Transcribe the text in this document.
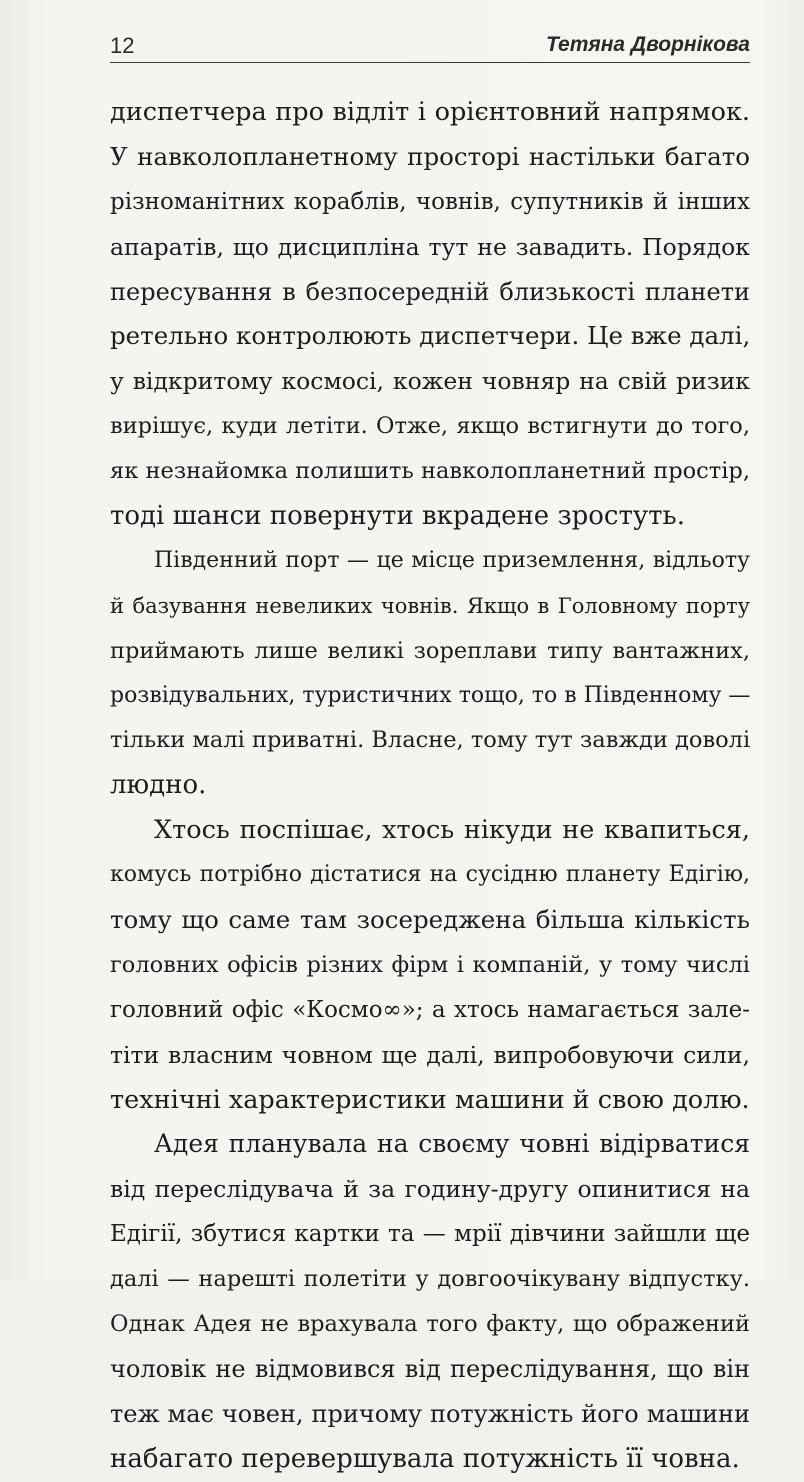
12	Тетяна Дворнікова
диспетчера про відліт і орієнтовний напрямок.
У навколопланетному просторі настільки багато
різноманітних кораблів, човнів, супутників й інших
апаратів, що дисципліна тут не завадить. Порядок
пересування в безпосередній близькості планети
ретельно контролюють диспетчери. Це вже далі,
у відкритому космосі, кожен човняр на свій ризик
вирішує, куди летіти. Отже, якщо встигнути до того,
як незнайомка полишить навколопланетний простір,
тоді шанси повернути вкрадене зростуть.
Південний порт — це місце приземлення, відльоту
й базування невеликих човнів. Якщо в Головному порту
приймають лише великі зореплави типу вантажних,
розвідувальних, туристичних тощо, то в Південному —
тільки малі приватні. Власне, тому тут завжди доволі
людно.
Хтось поспішає, хтось нікуди не квапиться,
комусь потрібно дістатися на сусідню планету Едігію,
тому що саме там зосереджена більша кількість
головних офісів різних фірм і компаній, у тому числі
головний офіс «Космо∞»; а хтось намагається зале-
тіти власним човном ще далі, випробовуючи сили,
технічні характеристики машини й свою долю.
Адея планувала на своєму човні відірватися
від переслідувача й за годину-другу опинитися на
Едігії, збутися картки та — мрії дівчини зайшли ще
далі — нарешті полетіти у довгоочікувану відпустку.
Однак Адея не врахувала того факту, що ображений
чоловік не відмовився від переслідування, що він
теж має човен, причому потужність його машини
набагато перевершувала потужність її човна.
